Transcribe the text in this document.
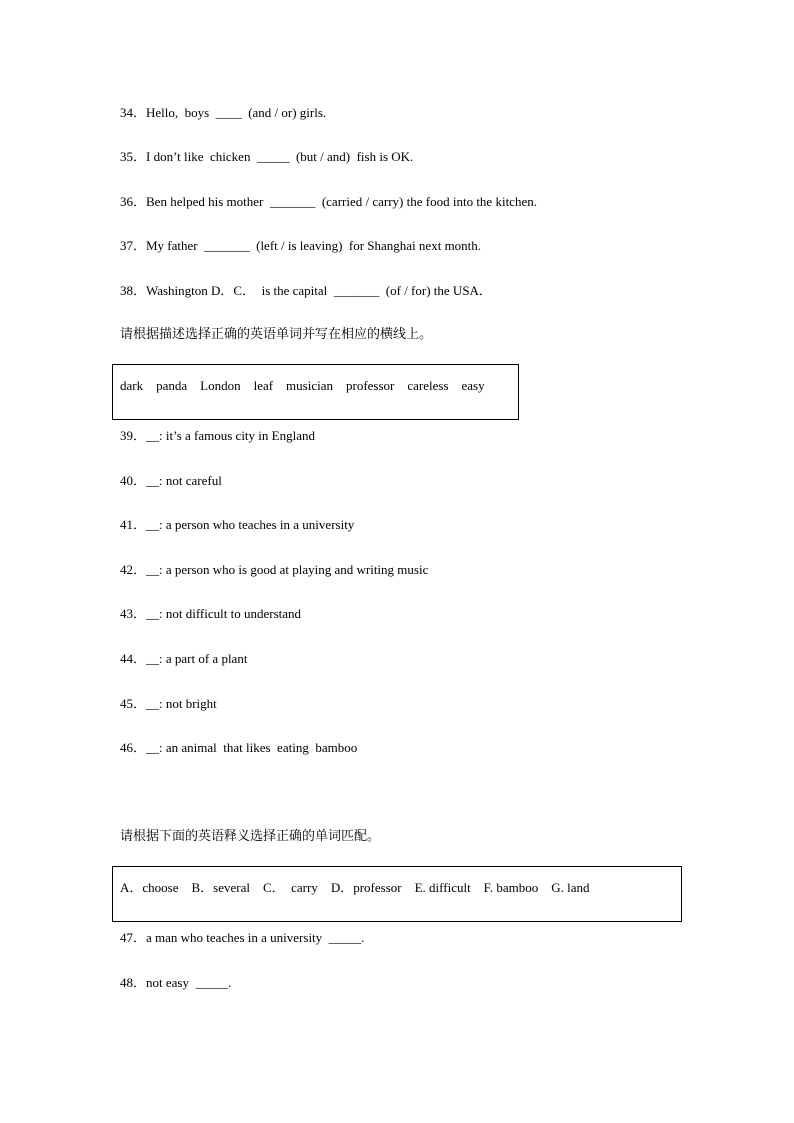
34．Hello,  boys  ____  (and / or) girls.
35．I don’t like  chicken  _____  (but / and)  fish is OK.
36．Ben helped his mother  _______  (carried / carry) the food into the kitchen.
37．My father  _______  (left / is leaving)  for Shanghai next month.
38．Washington D．C．  is the capital  _______  (of / for) the USA．
请根据描述选择正确的英语单词并写在相应的横线上。
dark    panda    London    leaf    musician    professor    careless    easy
39．__: it’s a famous city in England
40．__: not careful
41．__: a person who teaches in a university
42．__: a person who is good at playing and writing music
43．__: not difficult to understand
44．__: a part of a plant
45．__: not bright
46．__: an animal  that likes  eating  bamboo
请根据下面的英语释义选择正确的单词匹配。
A．choose    B．several    C．  carry    D．professor    E. difficult    F. bamboo    G. land
47．a man who teaches in a university  _____.
48．not easy  _____.
